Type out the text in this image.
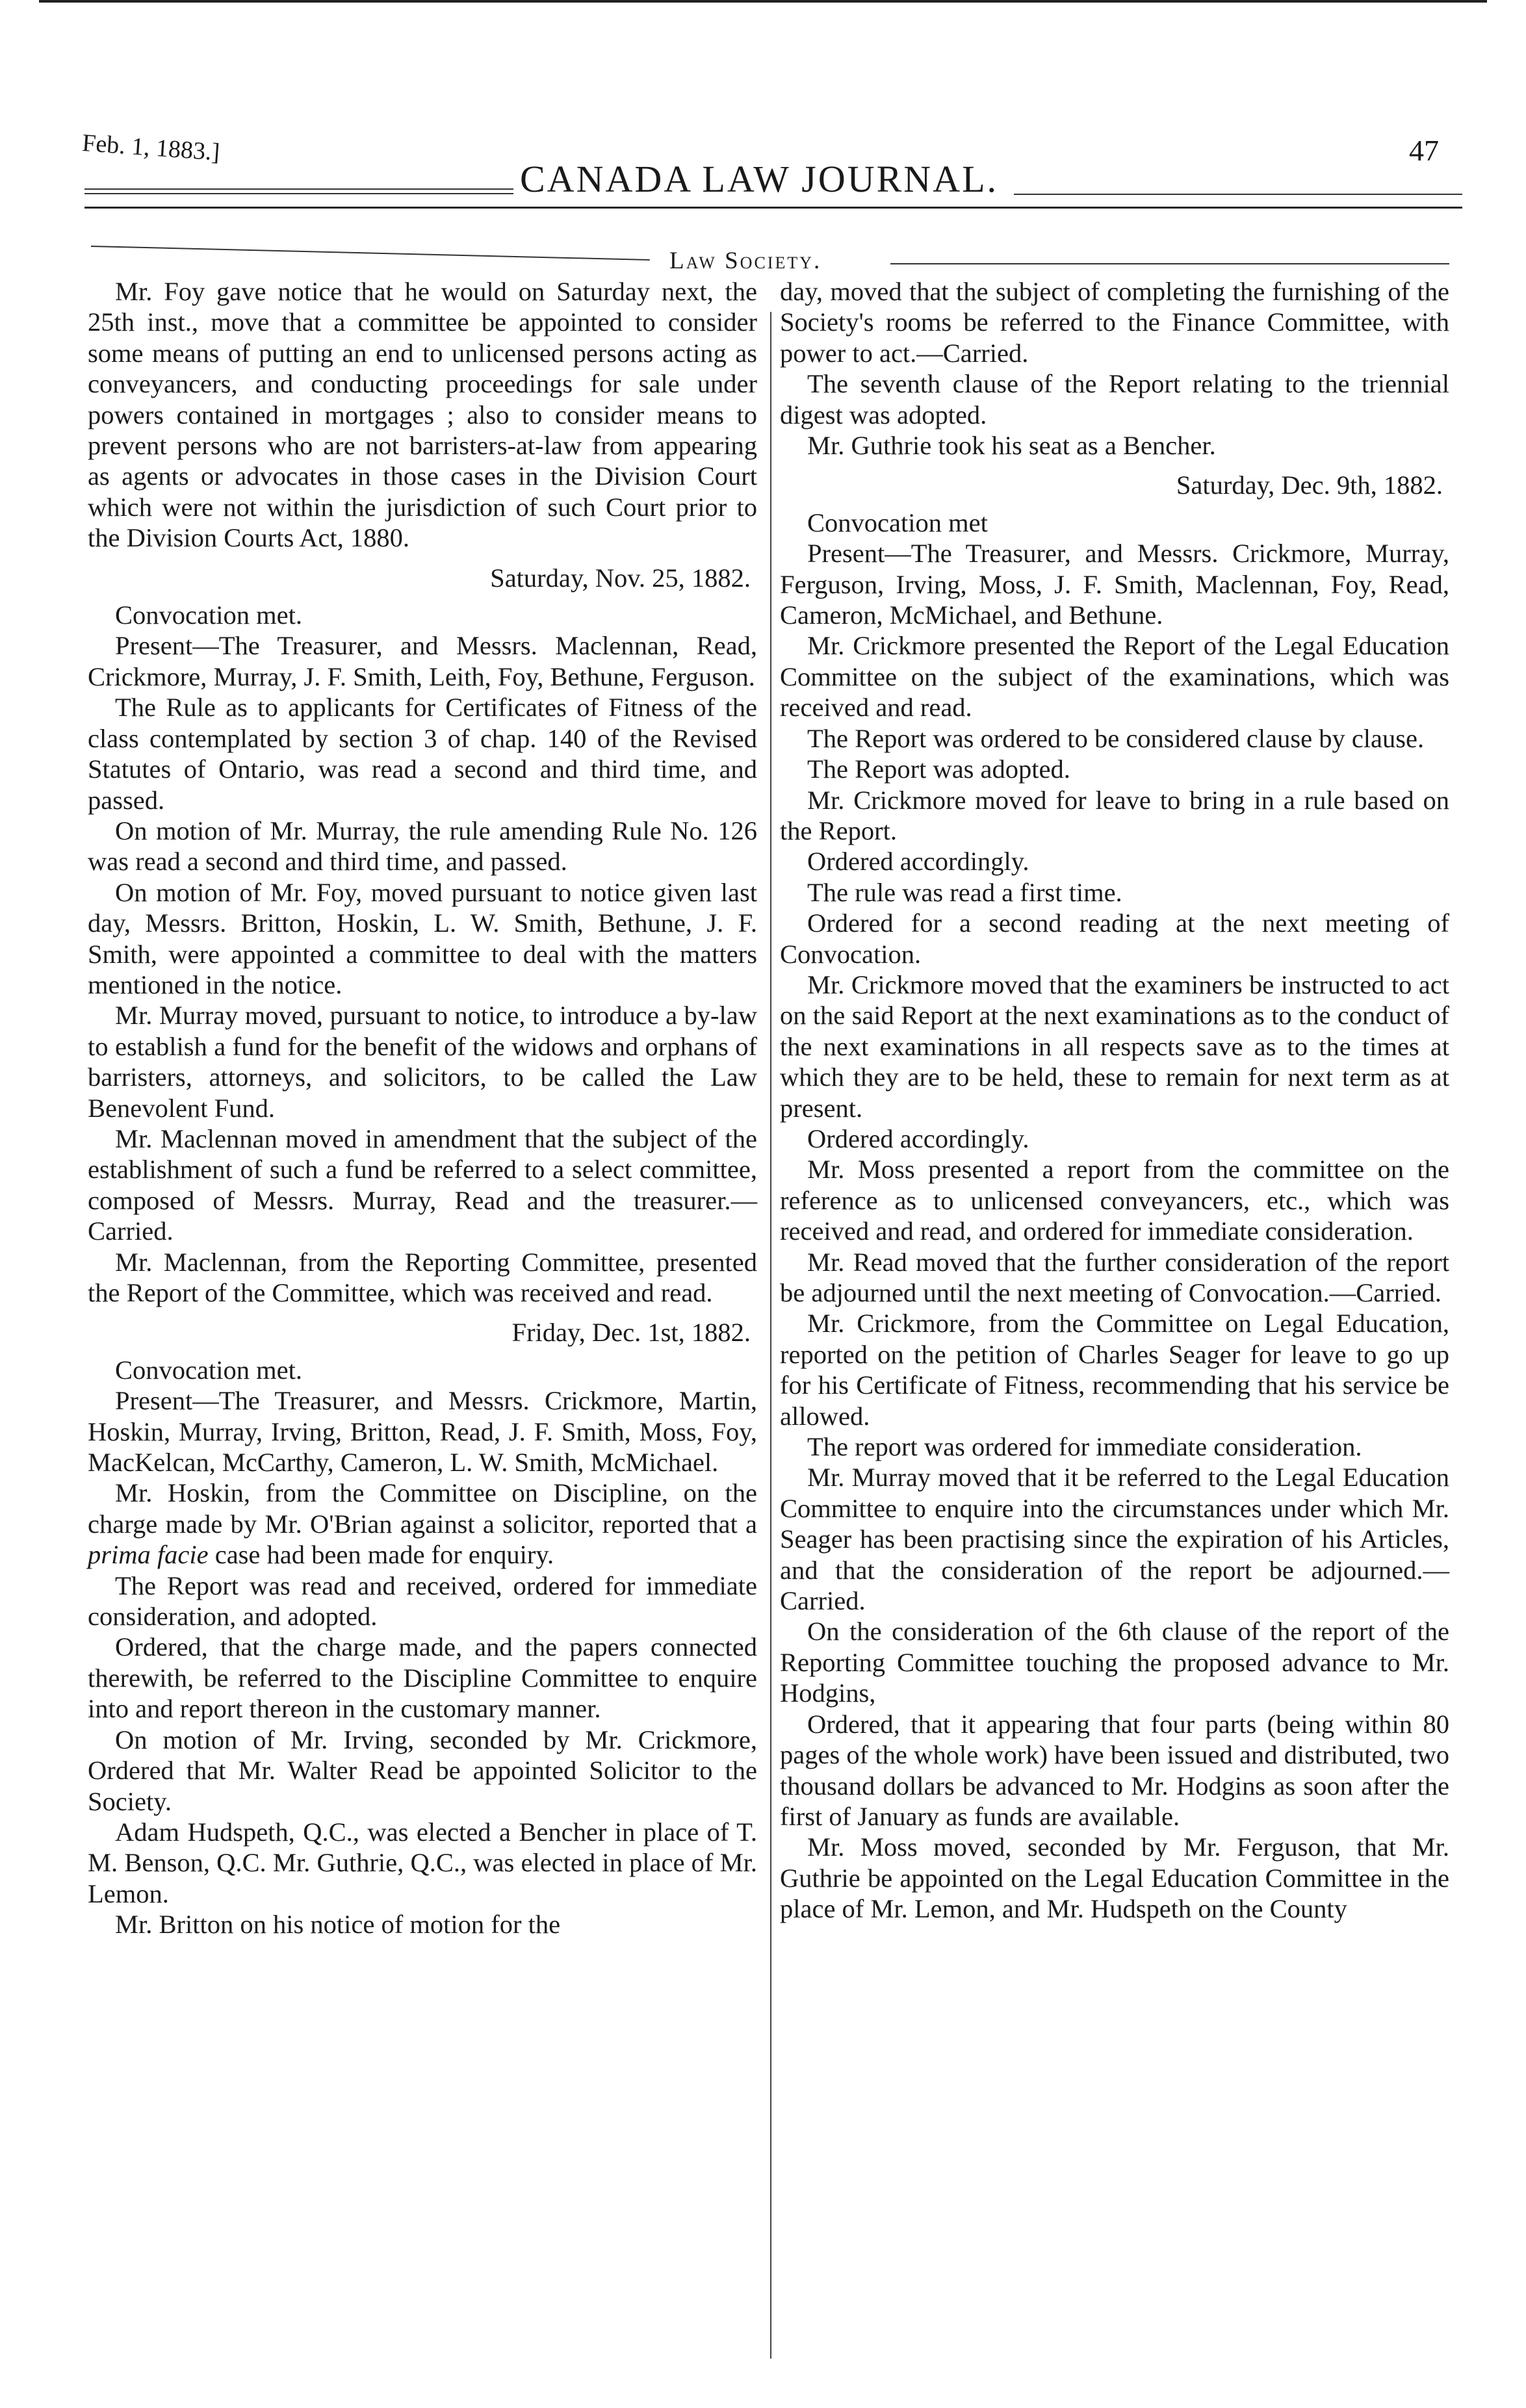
Feb. 1, 1883.]
CANADA LAW JOURNAL.
47
Law Society.

Mr. Foy gave notice that he would on Saturday next, the 25th inst., move that a committee be appointed to consider some means of putting an end to unlicensed persons acting as conveyancers, and conducting proceedings for sale under powers contained in mortgages ; also to consider means to prevent persons who are not barristers-at-law from appearing as agents or advocates in those cases in the Division Court which were not within the jurisdiction of such Court prior to the Division Courts Act, 1880.

Saturday, Nov. 25, 1882.

Convocation met.

Present—The Treasurer, and Messrs. Maclennan, Read, Crickmore, Murray, J. F. Smith, Leith, Foy, Bethune, Ferguson.

The Rule as to applicants for Certificates of Fitness of the class contemplated by section 3 of chap. 140 of the Revised Statutes of Ontario, was read a second and third time, and passed.

On motion of Mr. Murray, the rule amending Rule No. 126 was read a second and third time, and passed.

On motion of Mr. Foy, moved pursuant to notice given last day, Messrs. Britton, Hoskin, L. W. Smith, Bethune, J. F. Smith, were appointed a committee to deal with the matters mentioned in the notice.

Mr. Murray moved, pursuant to notice, to introduce a by-law to establish a fund for the benefit of the widows and orphans of barristers, attorneys, and solicitors, to be called the Law Benevolent Fund.

Mr. Maclennan moved in amendment that the subject of the establishment of such a fund be referred to a select committee, composed of Messrs. Murray, Read and the treasurer.—Carried.

Mr. Maclennan, from the Reporting Committee, presented the Report of the Committee, which was received and read.

Friday, Dec. 1st, 1882.

Convocation met.

Present—The Treasurer, and Messrs. Crickmore, Martin, Hoskin, Murray, Irving, Britton, Read, J. F. Smith, Moss, Foy, MacKelcan, McCarthy, Cameron, L. W. Smith, McMichael.

Mr. Hoskin, from the Committee on Discipline, on the charge made by Mr. O'Brian against a solicitor, reported that a prima facie case had been made for enquiry.

The Report was read and received, ordered for immediate consideration, and adopted.

Ordered, that the charge made, and the papers connected therewith, be referred to the Discipline Committee to enquire into and report thereon in the customary manner.

On motion of Mr. Irving, seconded by Mr. Crickmore, Ordered that Mr. Walter Read be appointed Solicitor to the Society.

Adam Hudspeth, Q.C., was elected a Bencher in place of T. M. Benson, Q.C. Mr. Guthrie, Q.C., was elected in place of Mr. Lemon.

Mr. Britton on his notice of motion for the

day, moved that the subject of completing the furnishing of the Society's rooms be referred to the Finance Committee, with power to act.—Carried.

The seventh clause of the Report relating to the triennial digest was adopted.

Mr. Guthrie took his seat as a Bencher.

Saturday, Dec. 9th, 1882.

Convocation met

Present—The Treasurer, and Messrs. Crickmore, Murray, Ferguson, Irving, Moss, J. F. Smith, Maclennan, Foy, Read, Cameron, McMichael, and Bethune.

Mr. Crickmore presented the Report of the Legal Education Committee on the subject of the examinations, which was received and read.

The Report was ordered to be considered clause by clause.

The Report was adopted.

Mr. Crickmore moved for leave to bring in a rule based on the Report.

Ordered accordingly.

The rule was read a first time.

Ordered for a second reading at the next meeting of Convocation.

Mr. Crickmore moved that the examiners be instructed to act on the said Report at the next examinations as to the conduct of the next examinations in all respects save as to the times at which they are to be held, these to remain for next term as at present.

Ordered accordingly.

Mr. Moss presented a report from the committee on the reference as to unlicensed conveyancers, etc., which was received and read, and ordered for immediate consideration.

Mr. Read moved that the further consideration of the report be adjourned until the next meeting of Convocation.—Carried.

Mr. Crickmore, from the Committee on Legal Education, reported on the petition of Charles Seager for leave to go up for his Certificate of Fitness, recommending that his service be allowed.

The report was ordered for immediate consideration.

Mr. Murray moved that it be referred to the Legal Education Committee to enquire into the circumstances under which Mr. Seager has been practising since the expiration of his Articles, and that the consideration of the report be adjourned.—Carried.

On the consideration of the 6th clause of the report of the Reporting Committee touching the proposed advance to Mr. Hodgins,

Ordered, that it appearing that four parts (being within 80 pages of the whole work) have been issued and distributed, two thousand dollars be advanced to Mr. Hodgins as soon after the first of January as funds are available.

Mr. Moss moved, seconded by Mr. Ferguson, that Mr. Guthrie be appointed on the Legal Education Committee in the place of Mr. Lemon, and Mr. Hudspeth on the County
